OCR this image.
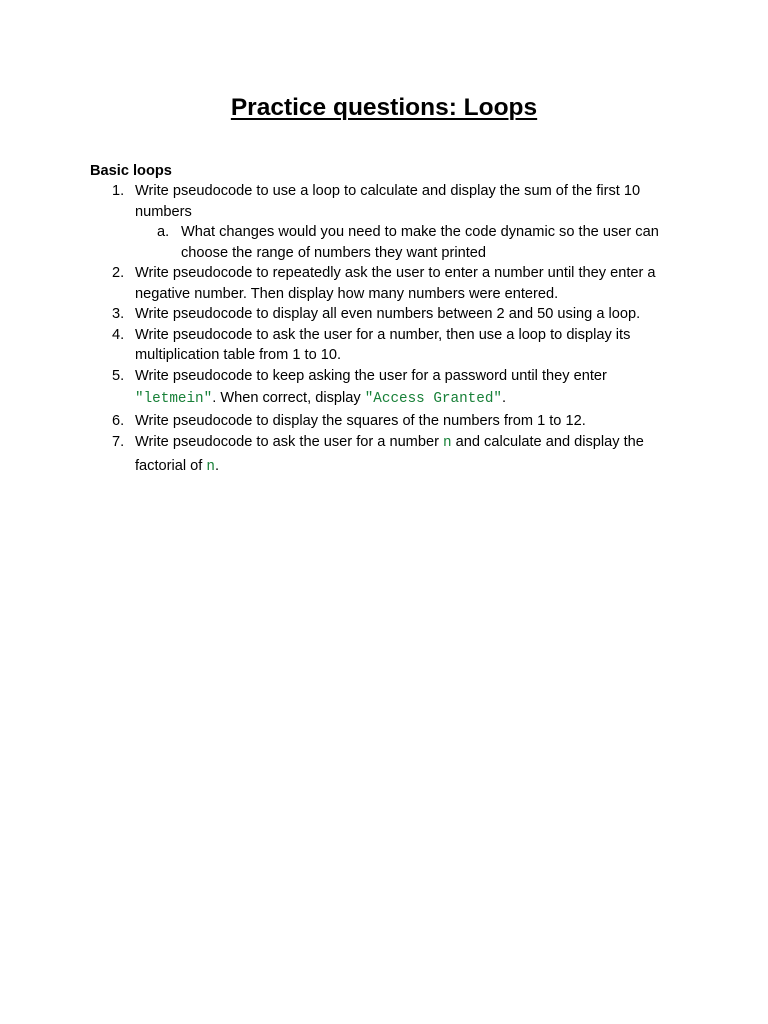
Practice questions: Loops
Basic loops
1. Write pseudocode to use a loop to calculate and display the sum of the first 10 numbers
a. What changes would you need to make the code dynamic so the user can choose the range of numbers they want printed
2. Write pseudocode to repeatedly ask the user to enter a number until they enter a negative number. Then display how many numbers were entered.
3. Write pseudocode to display all even numbers between 2 and 50 using a loop.
4. Write pseudocode to ask the user for a number, then use a loop to display its multiplication table from 1 to 10.
5. Write pseudocode to keep asking the user for a password until they enter
"letmein". When correct, display "Access Granted".
6. Write pseudocode to display the squares of the numbers from 1 to 12.
7. Write pseudocode to ask the user for a number n and calculate and display the
factorial of n.
